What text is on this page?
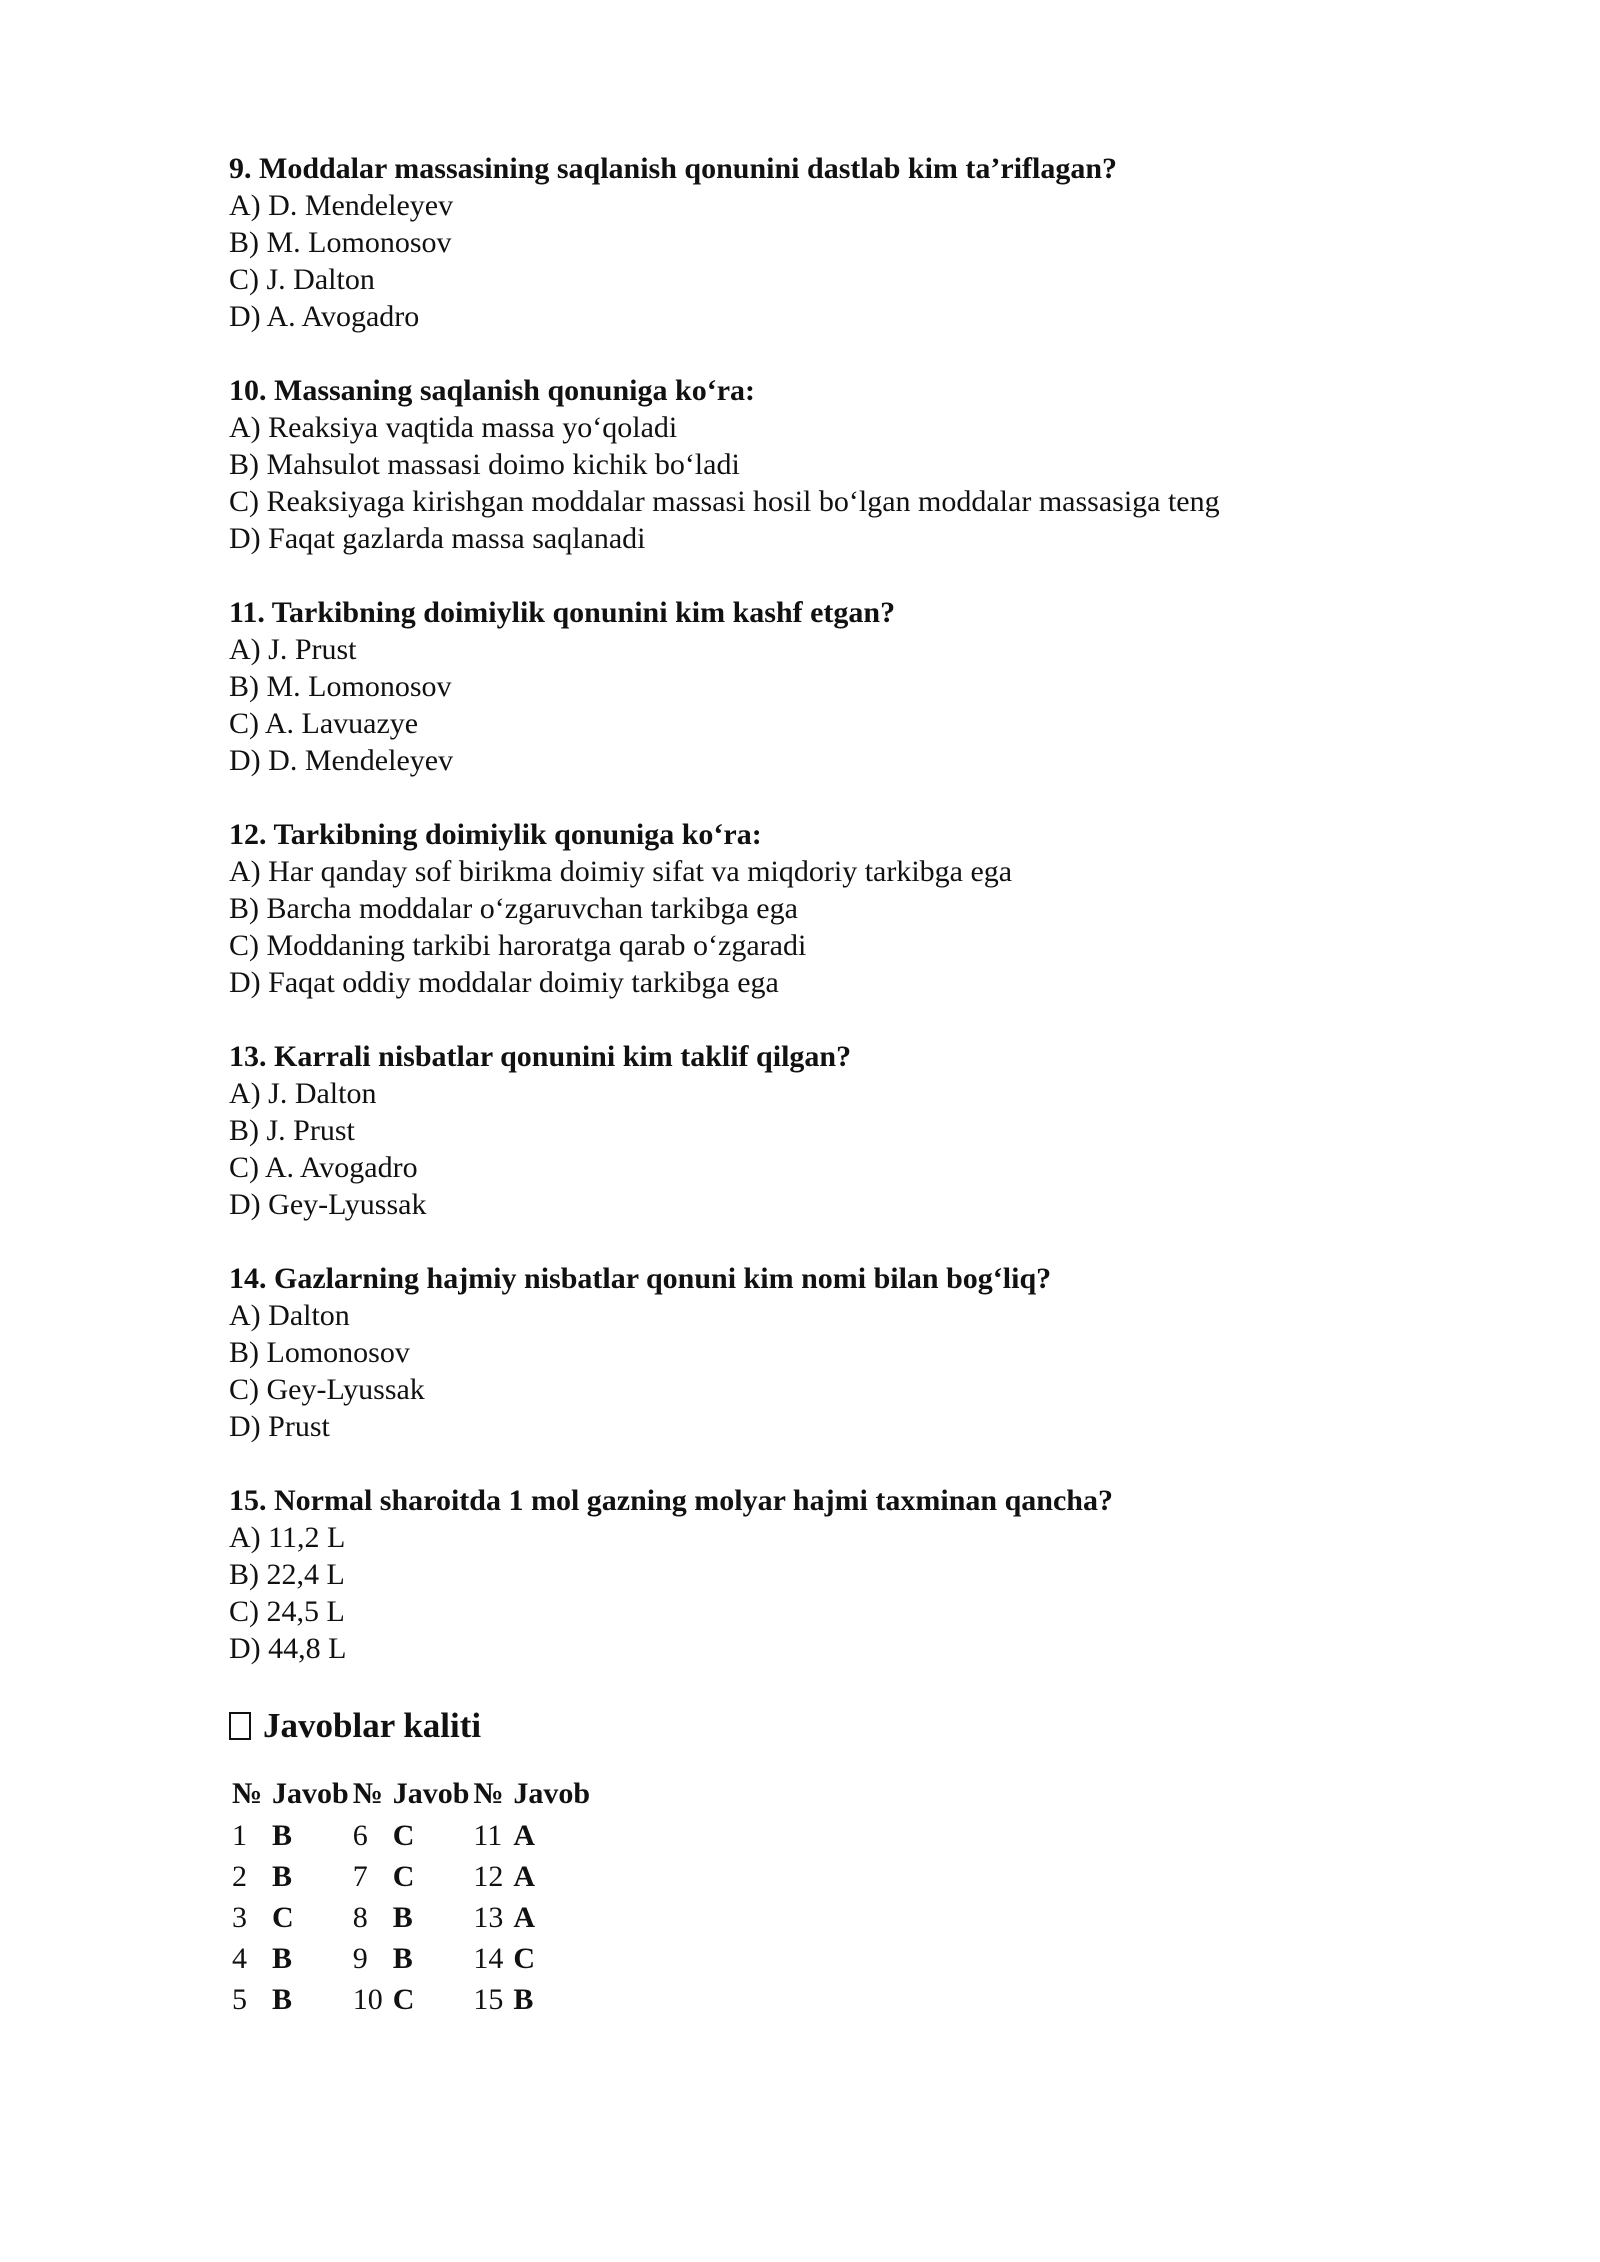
9. Moddalar massasining saqlanish qonunini dastlab kim ta’riflagan?

A) D. Mendeleyev

B) M. Lomonosov

C) J. Dalton

D) A. Avogadro

10. Massaning saqlanish qonuniga ko‘ra:

A) Reaksiya vaqtida massa yo‘qoladi

B) Mahsulot massasi doimo kichik bo‘ladi

C) Reaksiyaga kirishgan moddalar massasi hosil bo‘lgan moddalar massasiga teng

D) Faqat gazlarda massa saqlanadi

11. Tarkibning doimiylik qonunini kim kashf etgan?

A) J. Prust

B) M. Lomonosov

C) A. Lavuazye

D) D. Mendeleyev

12. Tarkibning doimiylik qonuniga ko‘ra:

A) Har qanday sof birikma doimiy sifat va miqdoriy tarkibga ega

B) Barcha moddalar o‘zgaruvchan tarkibga ega

C) Moddaning tarkibi haroratga qarab o‘zgaradi

D) Faqat oddiy moddalar doimiy tarkibga ega

13. Karrali nisbatlar qonunini kim taklif qilgan?

A) J. Dalton

B) J. Prust

C) A. Avogadro

D) Gey-Lyussak

14. Gazlarning hajmiy nisbatlar qonuni kim nomi bilan bog‘liq?

A) Dalton

B) Lomonosov

C) Gey-Lyussak

D) Prust

15. Normal sharoitda 1 mol gazning molyar hajmi taxminan qancha?

A) 11,2 L

B) 22,4 L

C) 24,5 L

D) 44,8 L

Javoblar kaliti
№	Javob	№	Javob	№	Javob
1	B	6	C	11	A
2	B	7	C	12	A
3	C	8	B	13	A
4	B	9	B	14	C
5	B	10	C	15	B
